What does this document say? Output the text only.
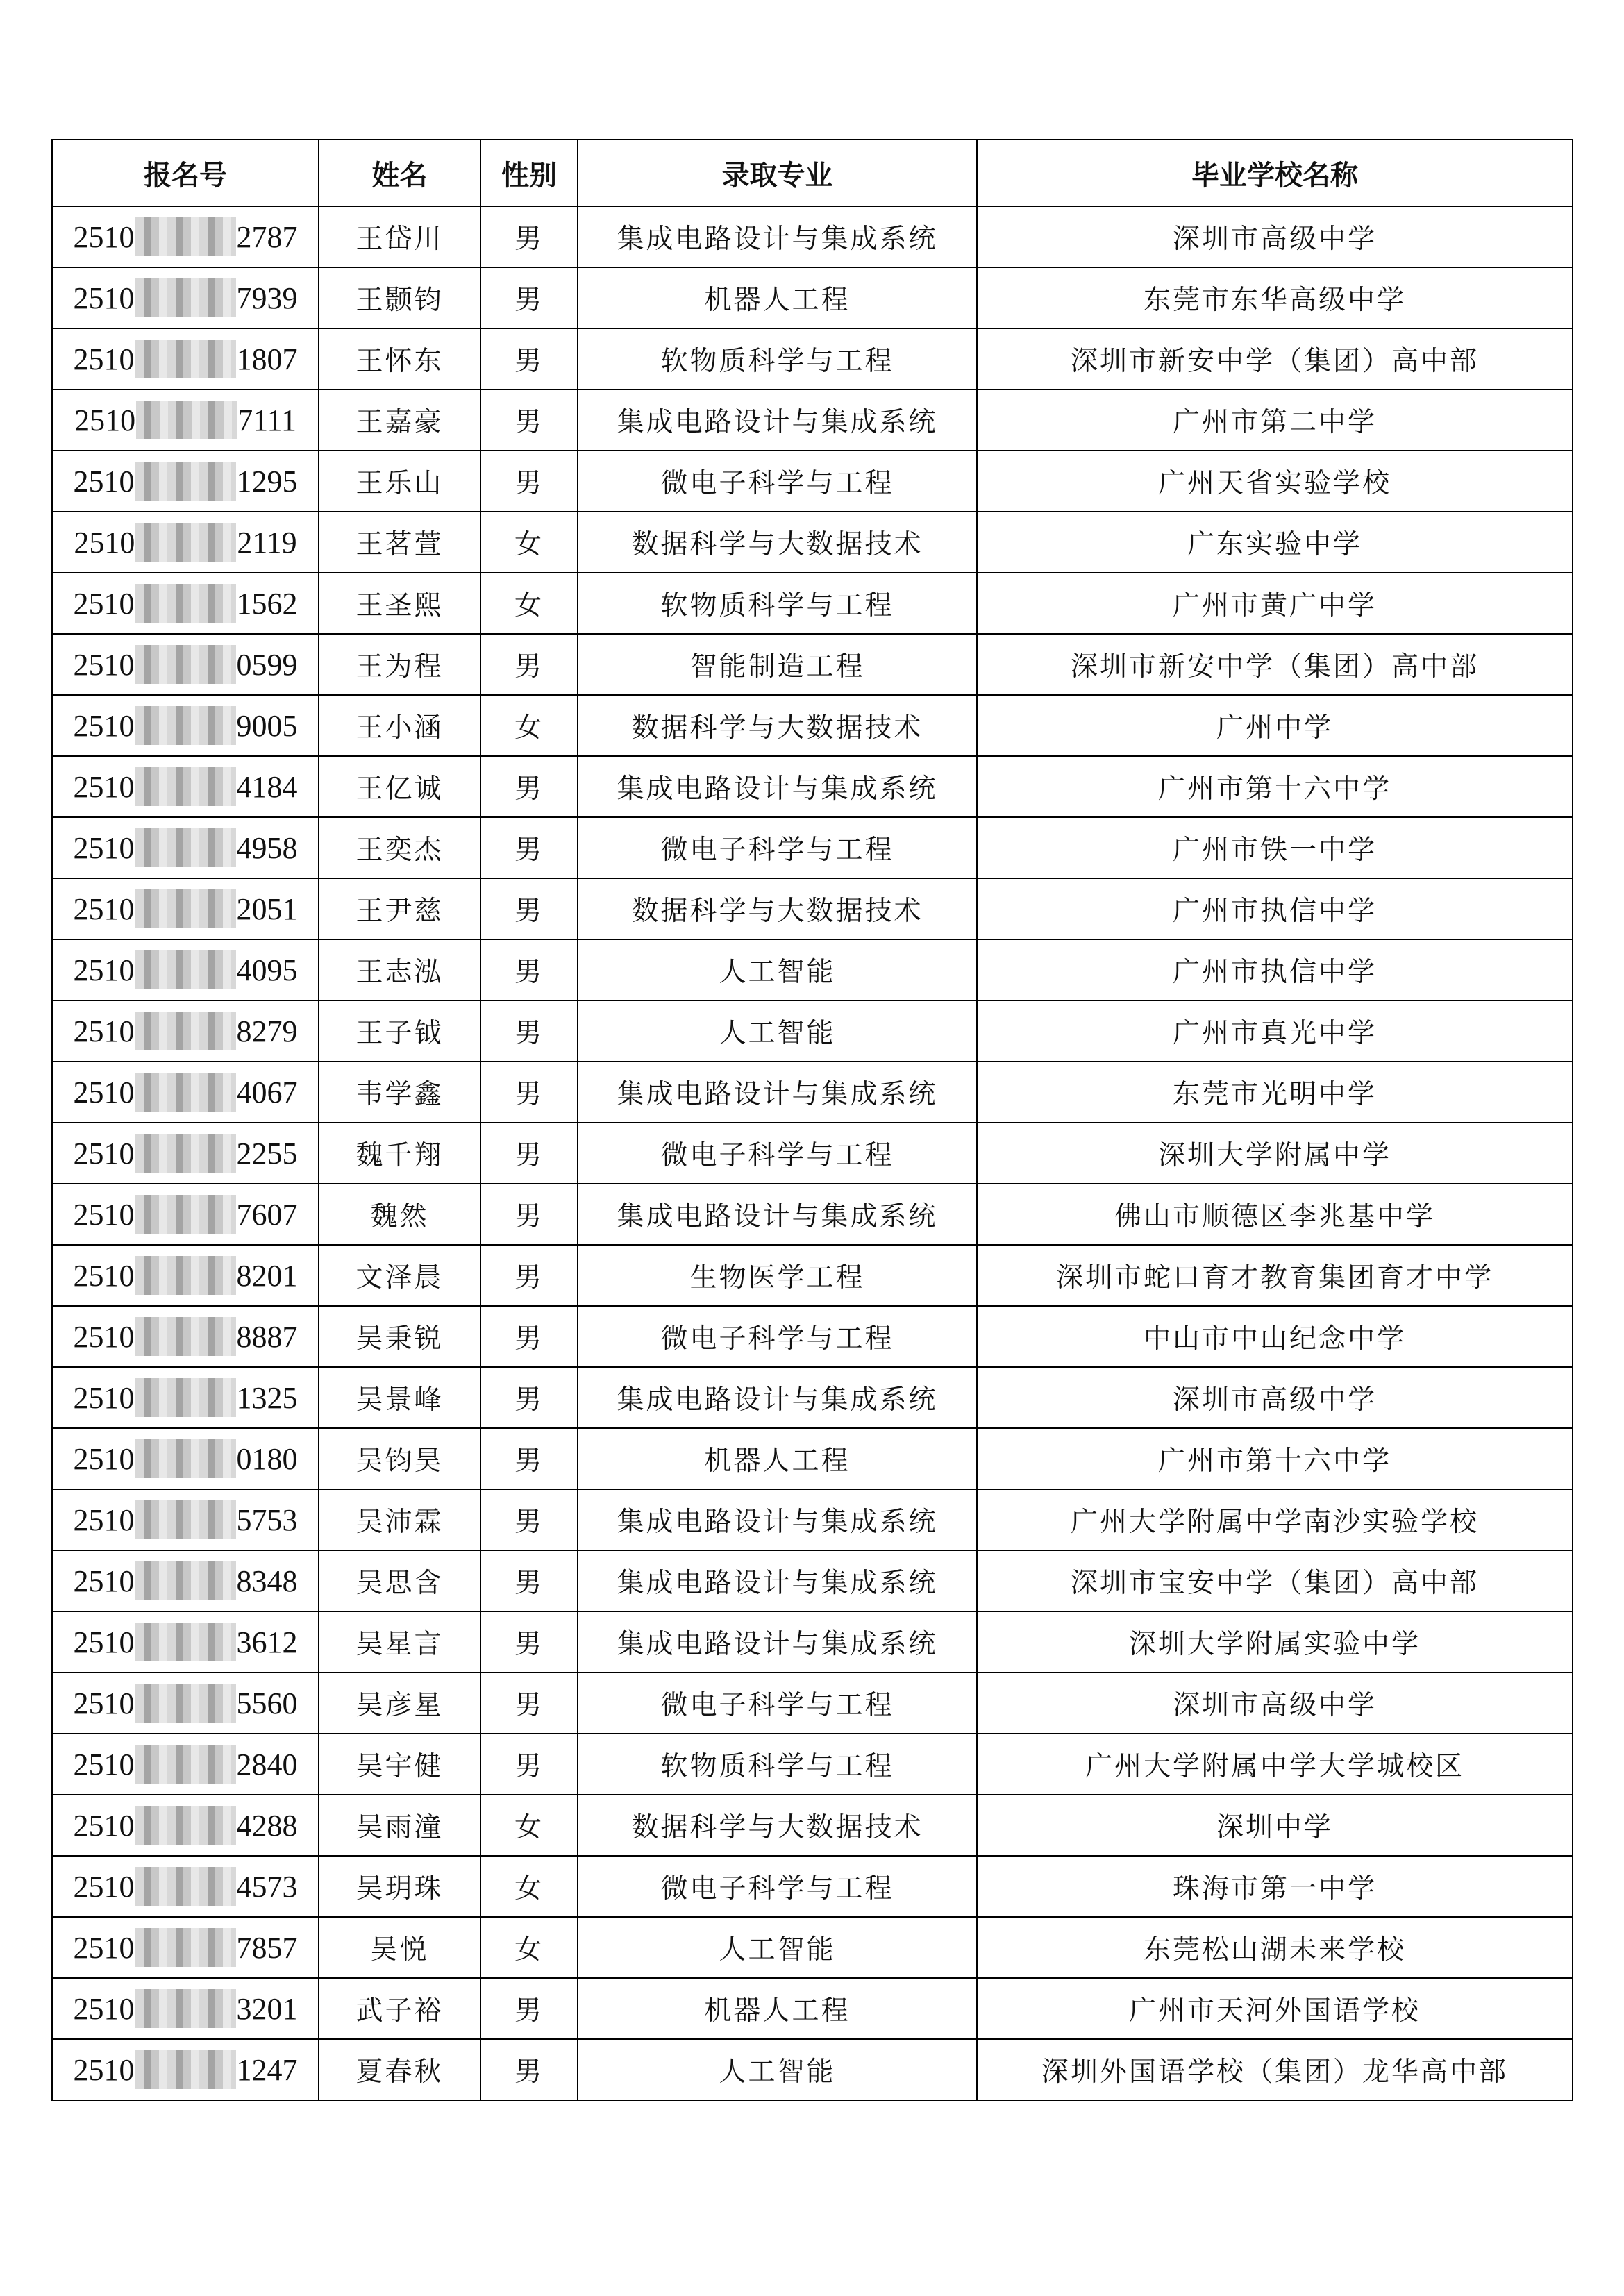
报名号	姓名	性别	录取专业	毕业学校名称

2510 2787	王岱川	男	集成电路设计与集成系统	深圳市高级中学

2510 7939	王颢钧	男	机器人工程	东莞市东华高级中学

2510 1807	王怀东	男	软物质科学与工程	深圳市新安中学（集团）高中部

2510 7111	王嘉豪	男	集成电路设计与集成系统	广州市第二中学

2510 1295	王乐山	男	微电子科学与工程	广州天省实验学校

2510 2119	王茗萱	女	数据科学与大数据技术	广东实验中学

2510 1562	王圣熙	女	软物质科学与工程	广州市黄广中学

2510 0599	王为程	男	智能制造工程	深圳市新安中学（集团）高中部

2510 9005	王小涵	女	数据科学与大数据技术	广州中学

2510 4184	王亿诚	男	集成电路设计与集成系统	广州市第十六中学

2510 4958	王奕杰	男	微电子科学与工程	广州市铁一中学

2510 2051	王尹慈	男	数据科学与大数据技术	广州市执信中学

2510 4095	王志泓	男	人工智能	广州市执信中学

2510 8279	王子钺	男	人工智能	广州市真光中学

2510 4067	韦学鑫	男	集成电路设计与集成系统	东莞市光明中学

2510 2255	魏千翔	男	微电子科学与工程	深圳大学附属中学

2510 7607	魏然	男	集成电路设计与集成系统	佛山市顺德区李兆基中学

2510 8201	文泽晨	男	生物医学工程	深圳市蛇口育才教育集团育才中学

2510 8887	吴秉锐	男	微电子科学与工程	中山市中山纪念中学

2510 1325	吴景峰	男	集成电路设计与集成系统	深圳市高级中学

2510 0180	吴钧昊	男	机器人工程	广州市第十六中学

2510 5753	吴沛霖	男	集成电路设计与集成系统	广州大学附属中学南沙实验学校

2510 8348	吴思含	男	集成电路设计与集成系统	深圳市宝安中学（集团）高中部

2510 3612	吴星言	男	集成电路设计与集成系统	深圳大学附属实验中学

2510 5560	吴彦星	男	微电子科学与工程	深圳市高级中学

2510 2840	吴宇健	男	软物质科学与工程	广州大学附属中学大学城校区

2510 4288	吴雨潼	女	数据科学与大数据技术	深圳中学

2510 4573	吴玥珠	女	微电子科学与工程	珠海市第一中学

2510 7857	吴悦	女	人工智能	东莞松山湖未来学校

2510 3201	武子裕	男	机器人工程	广州市天河外国语学校

2510 1247	夏春秋	男	人工智能	深圳外国语学校（集团）龙华高中部
